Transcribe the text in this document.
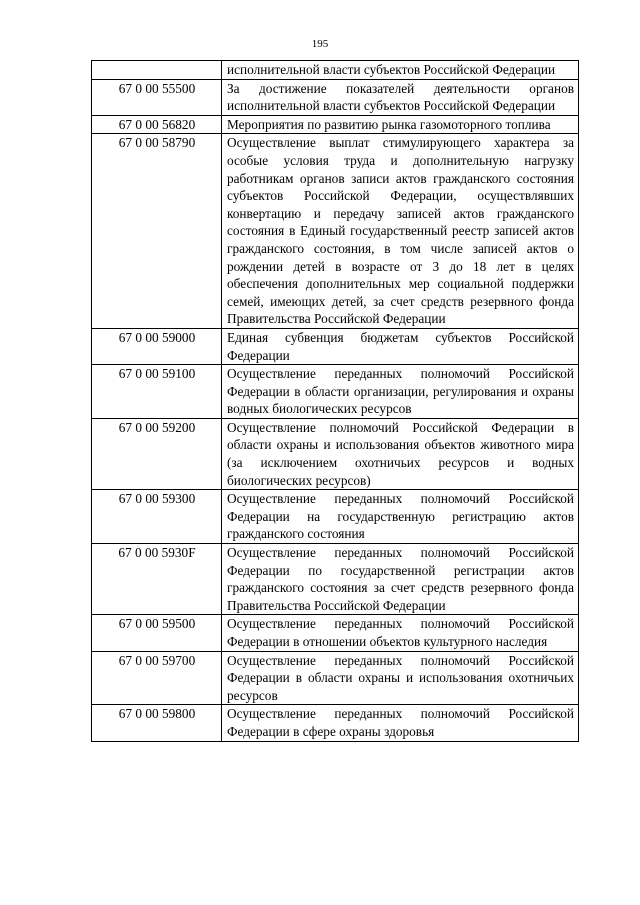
195
	исполнительной власти субъектов Российской Федерации
67 0 00 55500	За достижение показателей деятельности органов исполнительной власти субъектов Российской Федерации
67 0 00 56820	Мероприятия по развитию рынка газомоторного топлива
67 0 00 58790	Осуществление выплат стимулирующего характера за особые условия труда и дополнительную нагрузку работникам органов записи актов гражданского состояния субъектов Российской Федерации, осуществлявших конвертацию и передачу записей актов гражданского состояния в Единый государственный реестр записей актов гражданского состояния, в том числе записей актов о рождении детей в возрасте от 3 до 18 лет в целях обеспечения дополнительных мер социальной поддержки семей, имеющих детей, за счет средств резервного фонда Правительства Российской Федерации
67 0 00 59000	Единая субвенция бюджетам субъектов Российской Федерации
67 0 00 59100	Осуществление переданных полномочий Российской Федерации в области организации, регулирования и охраны водных биологических ресурсов
67 0 00 59200	Осуществление полномочий Российской Федерации в области охраны и использования объектов животного мира (за исключением охотничьих ресурсов и водных биологических ресурсов)
67 0 00 59300	Осуществление переданных полномочий Российской Федерации на государственную регистрацию актов гражданского состояния
67 0 00 5930F	Осуществление переданных полномочий Российской Федерации по государственной регистрации актов гражданского состояния за счет средств резервного фонда Правительства Российской Федерации
67 0 00 59500	Осуществление переданных полномочий Российской Федерации в отношении объектов культурного наследия
67 0 00 59700	Осуществление переданных полномочий Российской Федерации в области охраны и использования охотничьих ресурсов
67 0 00 59800	Осуществление переданных полномочий Российской Федерации в сфере охраны здоровья
